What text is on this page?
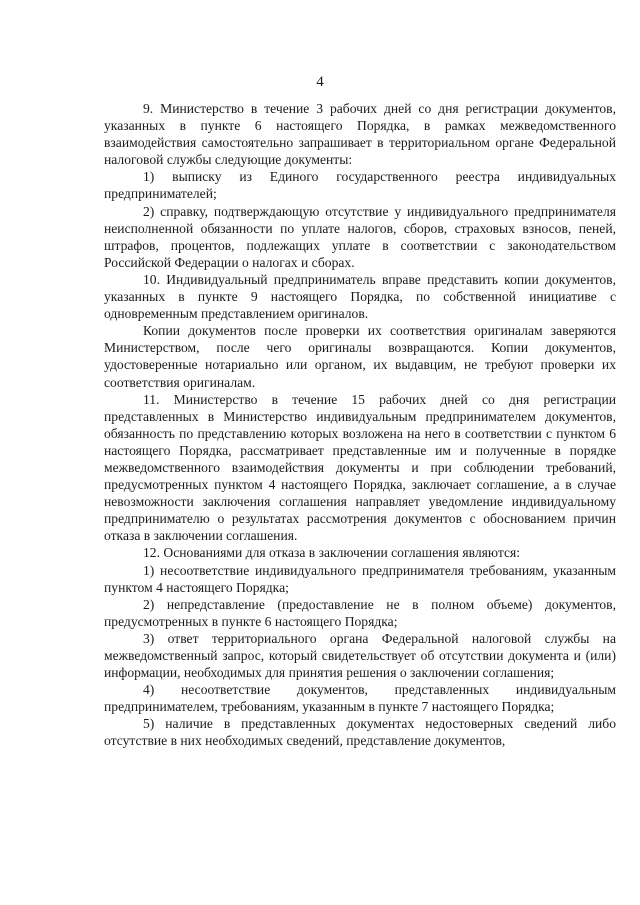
4

9. Министерство в течение 3 рабочих дней со дня регистрации документов, указанных в пункте 6 настоящего Порядка, в рамках межведомственного взаимодействия самостоятельно запрашивает в территориальном органе Федеральной налоговой службы следующие документы:

1) выписку из Единого государственного реестра индивидуальных предпринимателей;

2) справку, подтверждающую отсутствие у индивидуального предпринимателя неисполненной обязанности по уплате налогов, сборов, страховых взносов, пеней, штрафов, процентов, подлежащих уплате в соответствии с законодательством Российской Федерации о налогах и сборах.

10. Индивидуальный предприниматель вправе представить копии документов, указанных в пункте 9 настоящего Порядка, по собственной инициативе с одновременным представлением оригиналов.

Копии документов после проверки их соответствия оригиналам заверяются Министерством, после чего оригиналы возвращаются. Копии документов, удостоверенные нотариально или органом, их выдавцим, не требуют проверки их соответствия оригиналам.

11. Министерство в течение 15 рабочих дней со дня регистрации представленных в Министерство индивидуальным предпринимателем документов, обязанность по представлению которых возложена на него в соответствии с пунктом 6 настоящего Порядка, рассматривает представленные им и полученные в порядке межведомственного взаимодействия документы и при соблюдении требований, предусмотренных пунктом 4 настоящего Порядка, заключает соглашение, а в случае невозможности заключения соглашения направляет уведомление индивидуальному предпринимателю о результатах рассмотрения документов с обоснованием причин отказа в заключении соглашения.

12. Основаниями для отказа в заключении соглашения являются:

1) несоответствие индивидуального предпринимателя требованиям, указанным пунктом 4 настоящего Порядка;

2) непредставление (предоставление не в полном объеме) документов, предусмотренных в пункте 6 настоящего Порядка;

3) ответ территориального органа Федеральной налоговой службы на межведомственный запрос, который свидетельствует об отсутствии документа и (или) информации, необходимых для принятия решения о заключении соглашения;

4) несоответствие документов, представленных индивидуальным предпринимателем, требованиям, указанным в пункте 7 настоящего Порядка;

5) наличие в представленных документах недостоверных сведений либо отсутствие в них необходимых сведений, представление документов,
